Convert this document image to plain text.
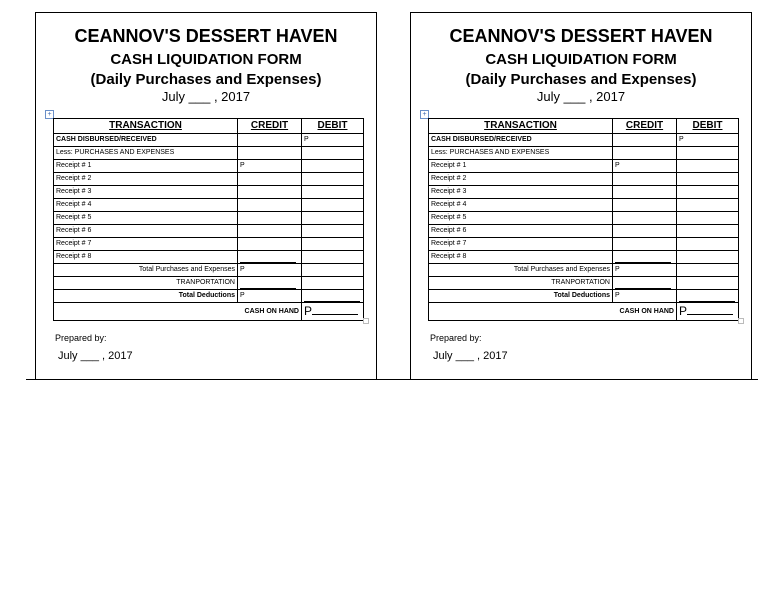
CEANNOV'S DESSERT HAVEN
CASH LIQUIDATION FORM
(Daily Purchases and Expenses)
July ___ , 2017
+
TRANSACTION	CREDIT	DEBIT
CASH DISBURSED/RECEIVED		P
Less: PURCHASES AND EXPENSES		
Receipt # 1	P	
Receipt # 2		
Receipt # 3		
Receipt # 4		
Receipt # 5		
Receipt # 6		
Receipt # 7		
Receipt # 8		
Total Purchases and Expenses	P	
TRANPORTATION		
Total Deductions	P	
CASH ON HAND		P
Prepared by:
July ___ , 2017
CEANNOV'S DESSERT HAVEN
CASH LIQUIDATION FORM
(Daily Purchases and Expenses)
July ___ , 2017
+
TRANSACTION	CREDIT	DEBIT
CASH DISBURSED/RECEIVED		P
Less: PURCHASES AND EXPENSES		
Receipt # 1	P	
Receipt # 2		
Receipt # 3		
Receipt # 4		
Receipt # 5		
Receipt # 6		
Receipt # 7		
Receipt # 8		
Total Purchases and Expenses	P	
TRANPORTATION		
Total Deductions	P	
CASH ON HAND		P
Prepared by:
July ___ , 2017
